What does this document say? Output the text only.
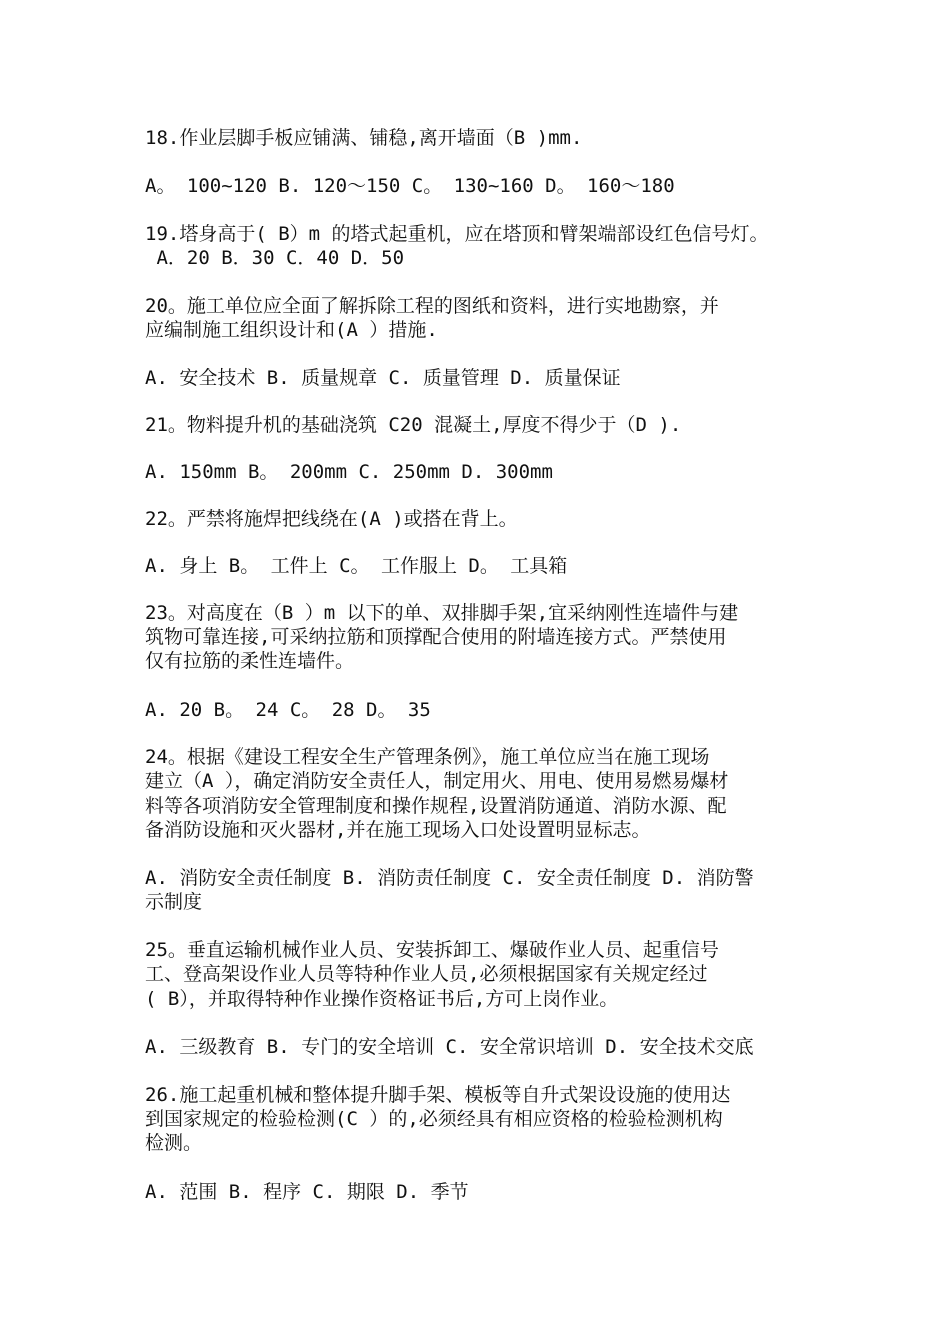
18.作业层脚手板应铺满、铺稳,离开墙面（B )mm.
A。 100~120 B. 120～150 C。 130~160 D。 160～180
19.塔身高于( B）m 的塔式起重机，应在塔顶和臂架端部设红色信号灯。
A．20 B．30 C．40 D．50
20。施工单位应全面了解拆除工程的图纸和资料，进行实地勘察，并
应编制施工组织设计和(A ）措施.
A. 安全技术 B. 质量规章 C. 质量管理 D. 质量保证
21。物料提升机的基础浇筑 C20 混凝土,厚度不得少于（D ).
A. 150mm B。 200mm C. 250mm D. 300mm
22。严禁将施焊把线绕在(A )或搭在背上。
A. 身上 B。 工件上 C。 工作服上 D。 工具箱
23。对高度在（B ）m 以下的单、双排脚手架,宜采纳刚性连墙件与建
筑物可靠连接,可采纳拉筋和顶撑配合使用的附墙连接方式。严禁使用
仅有拉筋的柔性连墙件。
A. 20 B。 24 C。 28 D。 35
24。根据《建设工程安全生产管理条例》，施工单位应当在施工现场
建立（A ），确定消防安全责任人，制定用火、用电、使用易燃易爆材
料等各项消防安全管理制度和操作规程,设置消防通道、消防水源、配
备消防设施和灭火器材,并在施工现场入口处设置明显标志。
A. 消防安全责任制度 B. 消防责任制度 C. 安全责任制度 D. 消防警
示制度
25。垂直运输机械作业人员、安装拆卸工、爆破作业人员、起重信号
工、登高架设作业人员等特种作业人员,必须根据国家有关规定经过
( B），并取得特种作业操作资格证书后,方可上岗作业。
A. 三级教育 B. 专门的安全培训 C. 安全常识培训 D. 安全技术交底
26.施工起重机械和整体提升脚手架、模板等自升式架设设施的使用达
到国家规定的检验检测(C ）的,必须经具有相应资格的检验检测机构
检测。
A. 范围 B. 程序 C. 期限 D. 季节
